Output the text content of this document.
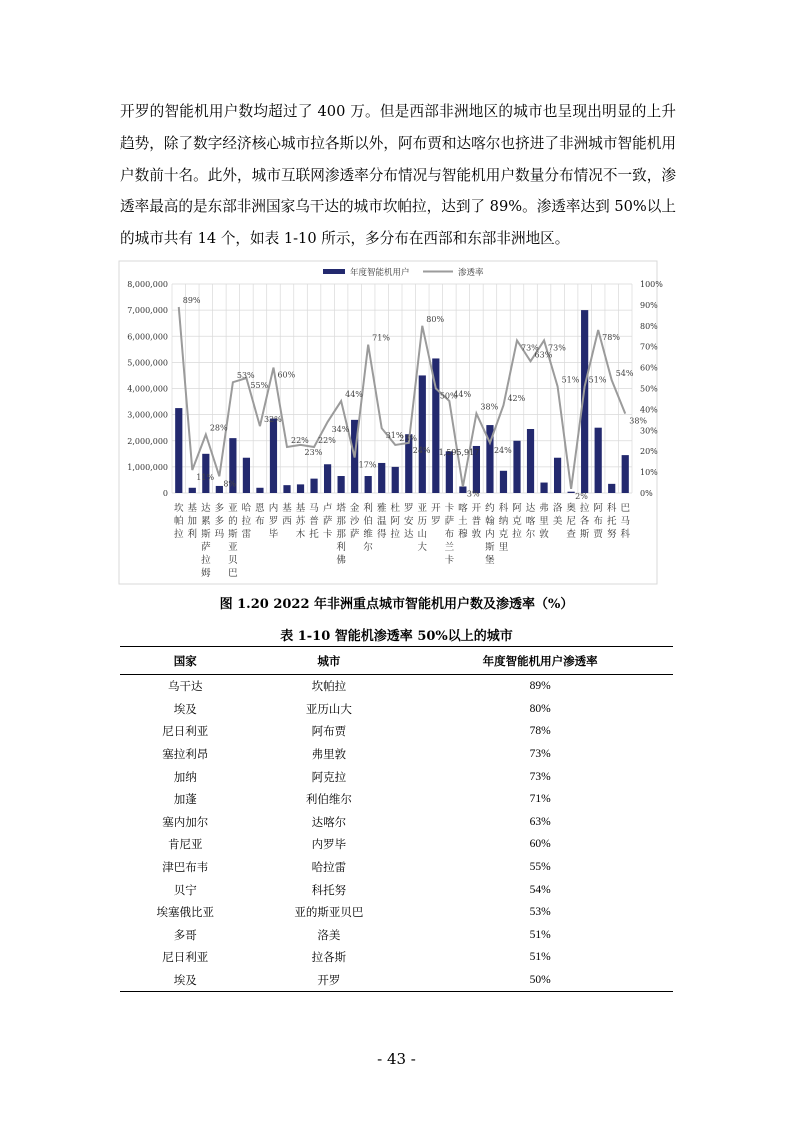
开罗的智能机用户数均超过了 400 万。但是西部非洲地区的城市也呈现出明显的上升趋势，除了数字经济核心城市拉各斯以外，阿布贾和达喀尔也挤进了非洲城市智能机用户数前十名。此外，城市互联网渗透率分布情况与智能机用户数量分布情况不一致，渗透率最高的是东部非洲国家乌干达的城市坎帕拉，达到了 89%。渗透率达到 50%以上的城市共有 14 个，如表 1-10 所示，多分布在西部和东部非洲地区。

0
1,000,000
2,000,000
3,000,000
4,000,000
5,000,000
6,000,000
7,000,000
8,000,000
0%
10%
20%
30%
40%
50%
60%
70%
80%
90%
100%
年度智能机用户	渗透率
89%
11%
28%
8%
53%
55%
32%
60%
22%
23%
22%
34%
44%
17%
71%
31%
23%
24%
80%
50%
44%
3%
38%
24%
42%
73%
63%
73%
51%
2%
51%
78%
54%
38%
1,595,917
坎帕拉
基加利
达累斯萨拉姆
多多玛
亚的斯亚贝巴
哈拉雷
恩布
内罗毕
基西
基苏木
马普托
卢萨卡
塔那那利佛
金沙萨
利伯维尔
雅温得
杜阿拉
罗安达
亚历山大
开罗
卡萨布兰卡
喀土穆
开普敦
约翰内斯堡
科纳克里
阿克拉
达喀尔
弗里敦
洛美
奥尼查
拉各斯
阿布贾
科托努
巴马科
图 1.20 2022 年非洲重点城市智能机用户数及渗透率（%）
表 1-10 智能机渗透率 50%以上的城市
国家	城市	年度智能机用户渗透率
乌干达	坎帕拉	89%
埃及	亚历山大	80%
尼日利亚	阿布贾	78%
塞拉利昂	弗里敦	73%
加纳	阿克拉	73%
加蓬	利伯维尔	71%
塞内加尔	达喀尔	63%
肯尼亚	内罗毕	60%
津巴布韦	哈拉雷	55%
贝宁	科托努	54%
埃塞俄比亚	亚的斯亚贝巴	53%
多哥	洛美	51%
尼日利亚	拉各斯	51%
埃及	开罗	50%
- 43 -
